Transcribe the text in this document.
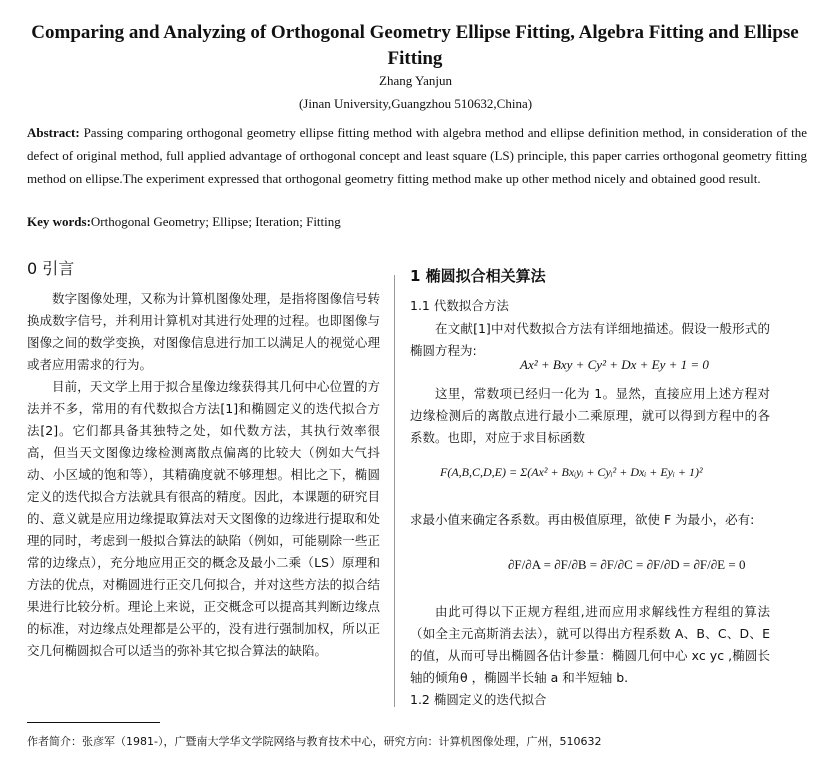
Comparing and Analyzing of Orthogonal Geometry Ellipse Fitting, Algebra Fitting and Ellipse Fitting
Zhang Yanjun
(Jinan University,Guangzhou 510632,China)
Abstract: Passing comparing orthogonal geometry ellipse fitting method with algebra method and ellipse definition method, in consideration of the defect of original method, full applied advantage of orthogonal concept and least square (LS) principle, this paper carries orthogonal geometry fitting method on ellipse.The experiment expressed that orthogonal geometry fitting method make up other method nicely and obtained good result.
Key words:Orthogonal Geometry; Ellipse; Iteration; Fitting
0 引言
数字图像处理，又称为计算机图像处理，是指将图像信号转换成数字信号，并利用计算机对其进行处理的过程。也即图像与图像之间的数学变换，对图像信息进行加工以满足人的视觉心理或者应用需求的行为。
目前，天文学上用于拟合星像边缘获得其几何中心位置的方法并不多，常用的有代数拟合方法[1]和椭圆定义的迭代拟合方法[2]。它们都具备其独特之处，如代数方法，其执行效率很高，但当天文图像边缘检测离散点偏离的比较大（例如大气抖动、小区域的饱和等），其精确度就不够理想。相比之下，椭圆定义的迭代拟合方法就具有很高的精度。因此，本课题的研究目的、意义就是应用边缘提取算法对天文图像的边缘进行提取和处理的同时，考虑到一般拟合算法的缺陷（例如，可能剔除一些正常的边缘点），充分地应用正交的概念及最小二乘（LS）原理和方法的优点，对椭圆进行正交几何拟合，并对这些方法的拟合结果进行比较分析。理论上来说，正交概念可以提高其判断边缘点的标准，对边缘点处理都是公平的，没有进行强制加权，所以正交几何椭圆拟合可以适当的弥补其它拟合算法的缺陷。
1 椭圆拟合相关算法
1.1 代数拟合方法
在文献[1]中对代数拟合方法有详细地描述。假设一般形式的椭圆方程为:
Ax² + Bxy + Cy² + Dx + Ey + 1 = 0
这里，常数项已经归一化为 1。显然，直接应用上述方程对边缘检测后的离散点进行最小二乘原理，就可以得到方程中的各系数。也即，对应于求目标函数
F(A,B,C,D,E) = Σ(Ax² + Bxᵢyᵢ + Cyᵢ² + Dxᵢ + Eyᵢ + 1)²
求最小值来确定各系数。再由极值原理，欲使 F 为最小，必有:
∂F/∂A = ∂F/∂B = ∂F/∂C = ∂F/∂D = ∂F/∂E = 0
由此可得以下正规方程组,进而应用求解线性方程组的算法（如全主元高斯消去法），就可以得出方程系数 A、B、C、D、E 的值，从而可导出椭圆各估计参量：椭圆几何中心 xc yc ,椭圆长轴的倾角θ ，椭圆半长轴 a 和半短轴 b.
1.2 椭圆定义的迭代拟合
作者简介：张彦军（1981-），广暨南大学华文学院网络与教育技术中心，研究方向：计算机图像处理，广州，510632
